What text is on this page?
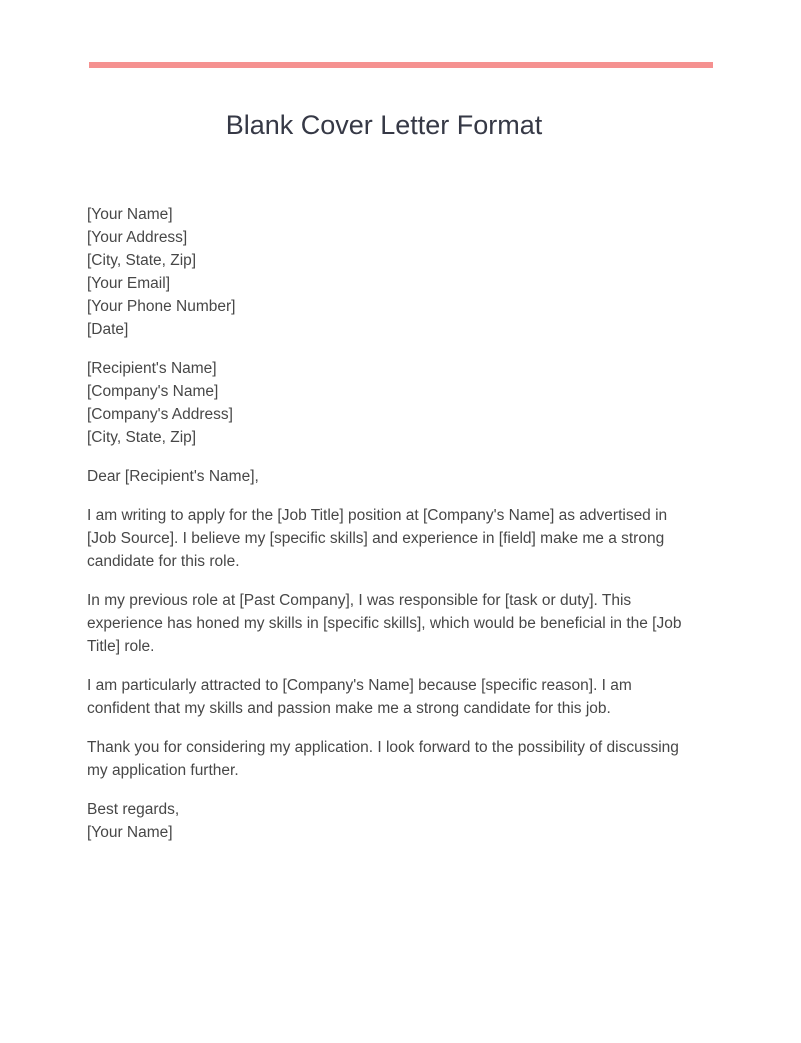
Blank Cover Letter Format
[Your Name]
[Your Address]
[City, State, Zip]
[Your Email]
[Your Phone Number]
[Date]
[Recipient's Name]
[Company's Name]
[Company's Address]
[City, State, Zip]

Dear [Recipient's Name],

I am writing to apply for the [Job Title] position at [Company's Name] as advertised in [Job Source]. I believe my [specific skills] and experience in [field] make me a strong candidate for this role.

In my previous role at [Past Company], I was responsible for [task or duty]. This experience has honed my skills in [specific skills], which would be beneficial in the [Job Title] role.

I am particularly attracted to [Company's Name] because [specific reason]. I am confident that my skills and passion make me a strong candidate for this job.

Thank you for considering my application. I look forward to the possibility of discussing my application further.

Best regards,
[Your Name]
